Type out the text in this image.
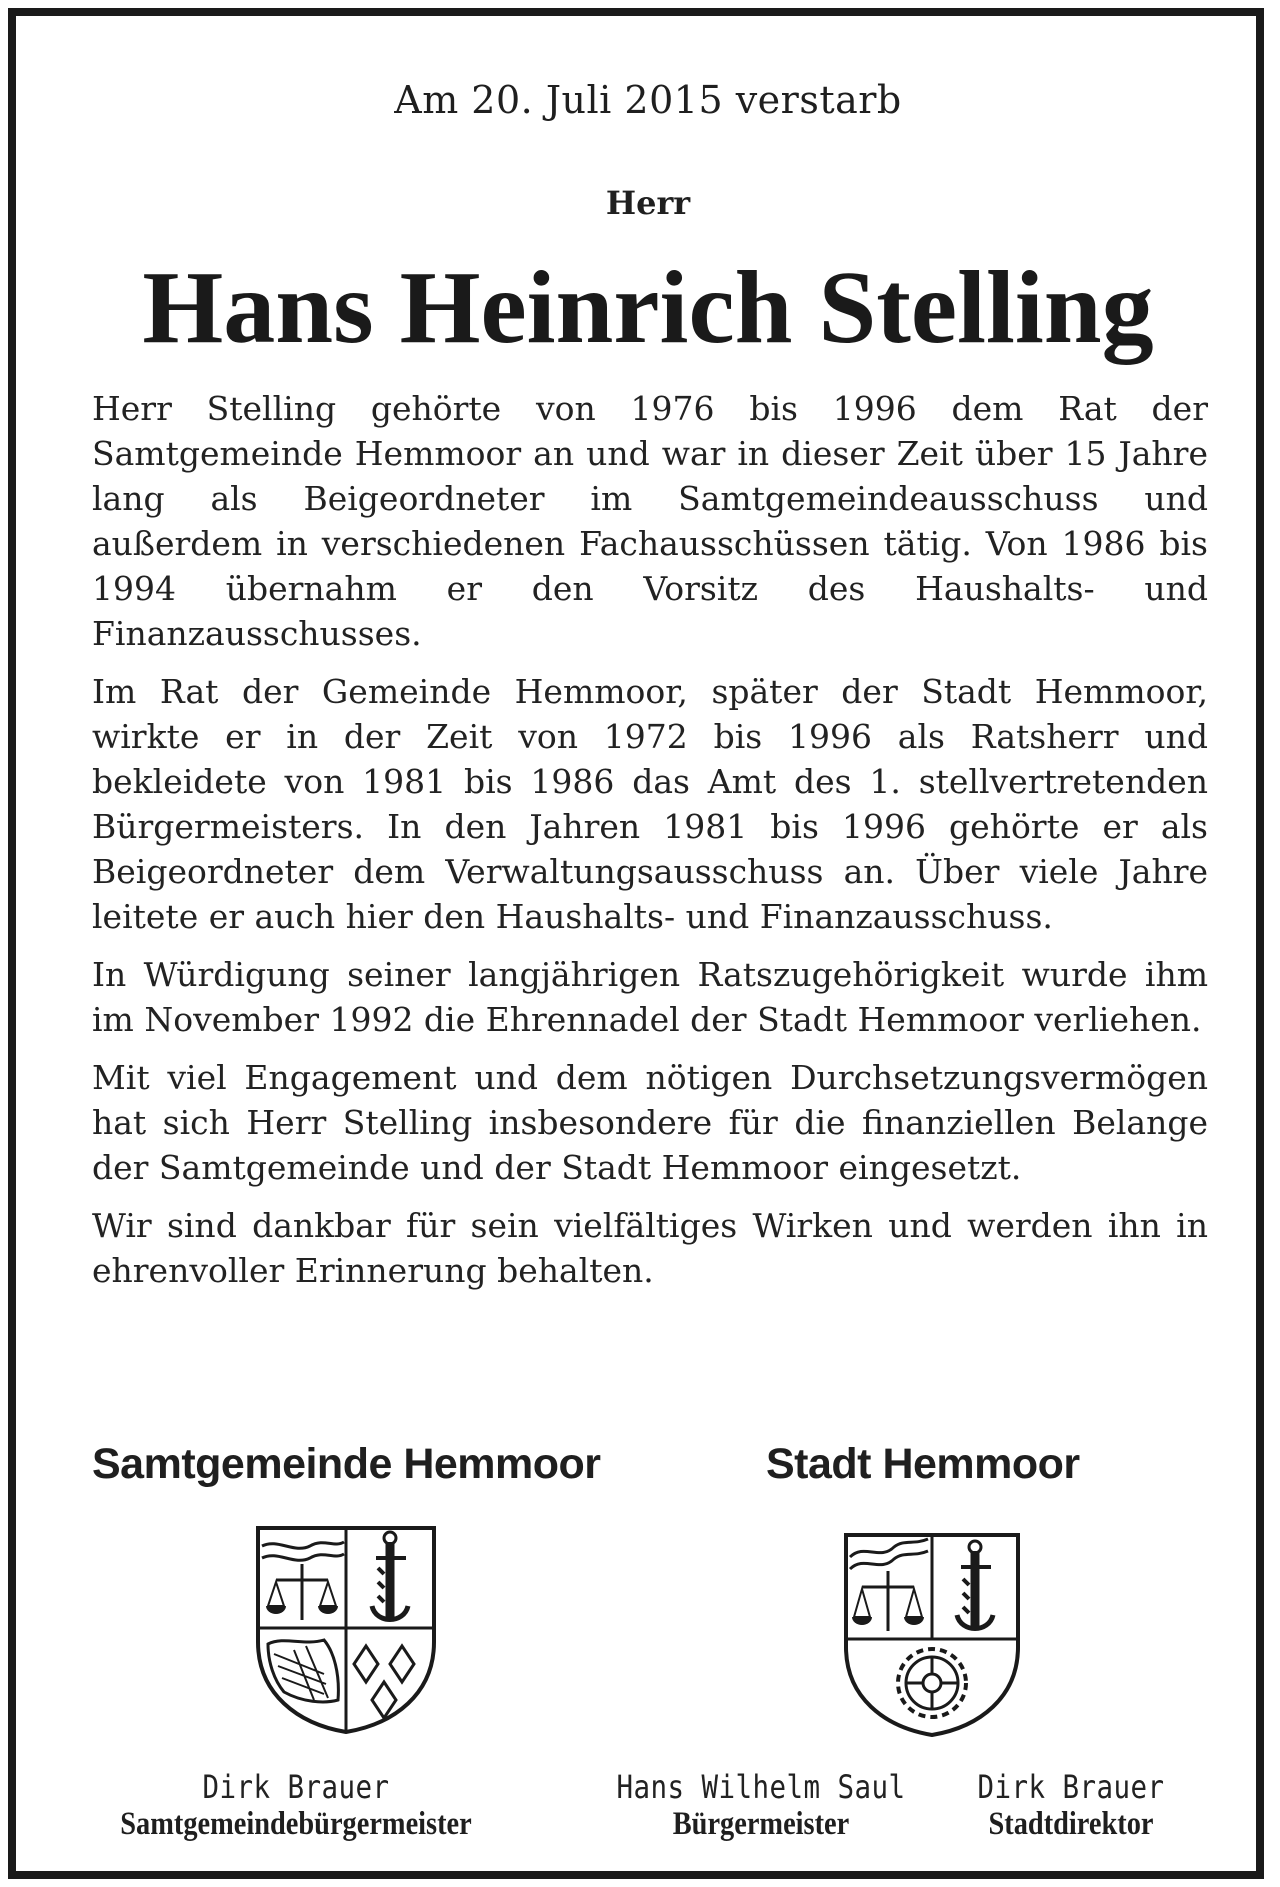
Am 20. Juli 2015 verstarb
Herr
Hans Heinrich Stelling

Herr Stelling gehörte von 1976 bis 1996 dem Rat der Samtgemeinde Hemmoor an und war in dieser Zeit über 15 Jahre lang als Beigeordneter im Samtgemeindeausschuss und außerdem in verschiedenen Fachausschüssen tätig. Von 1986 bis 1994 übernahm er den Vorsitz des Haushalts- und Finanzausschusses.

Im Rat der Gemeinde Hemmoor, später der Stadt Hemmoor, wirkte er in der Zeit von 1972 bis 1996 als Ratsherr und bekleidete von 1981 bis 1986 das Amt des 1. stellvertretenden Bürgermeisters. In den Jahren 1981 bis 1996 gehörte er als Beigeordneter dem Verwaltungsausschuss an. Über viele Jahre leitete er auch hier den Haushalts- und Finanzausschuss.

In Würdigung seiner langjährigen Ratszugehörigkeit wurde ihm im November 1992 die Ehrennadel der Stadt Hemmoor verliehen.

Mit viel Engagement und dem nötigen Durchsetzungsvermögen hat sich Herr Stelling insbesondere für die finanziellen Belange der Samtgemeinde und der Stadt Hemmoor eingesetzt.

Wir sind dankbar für sein vielfältiges Wirken und werden ihn in ehrenvoller Erinnerung behalten.

Samtgemeinde Hemmoor	Stadt Hemmoor
Dirk Brauer
Samtgemeindebürgermeister
Hans Wilhelm Saul
Bürgermeister
Dirk Brauer
Stadtdirektor
